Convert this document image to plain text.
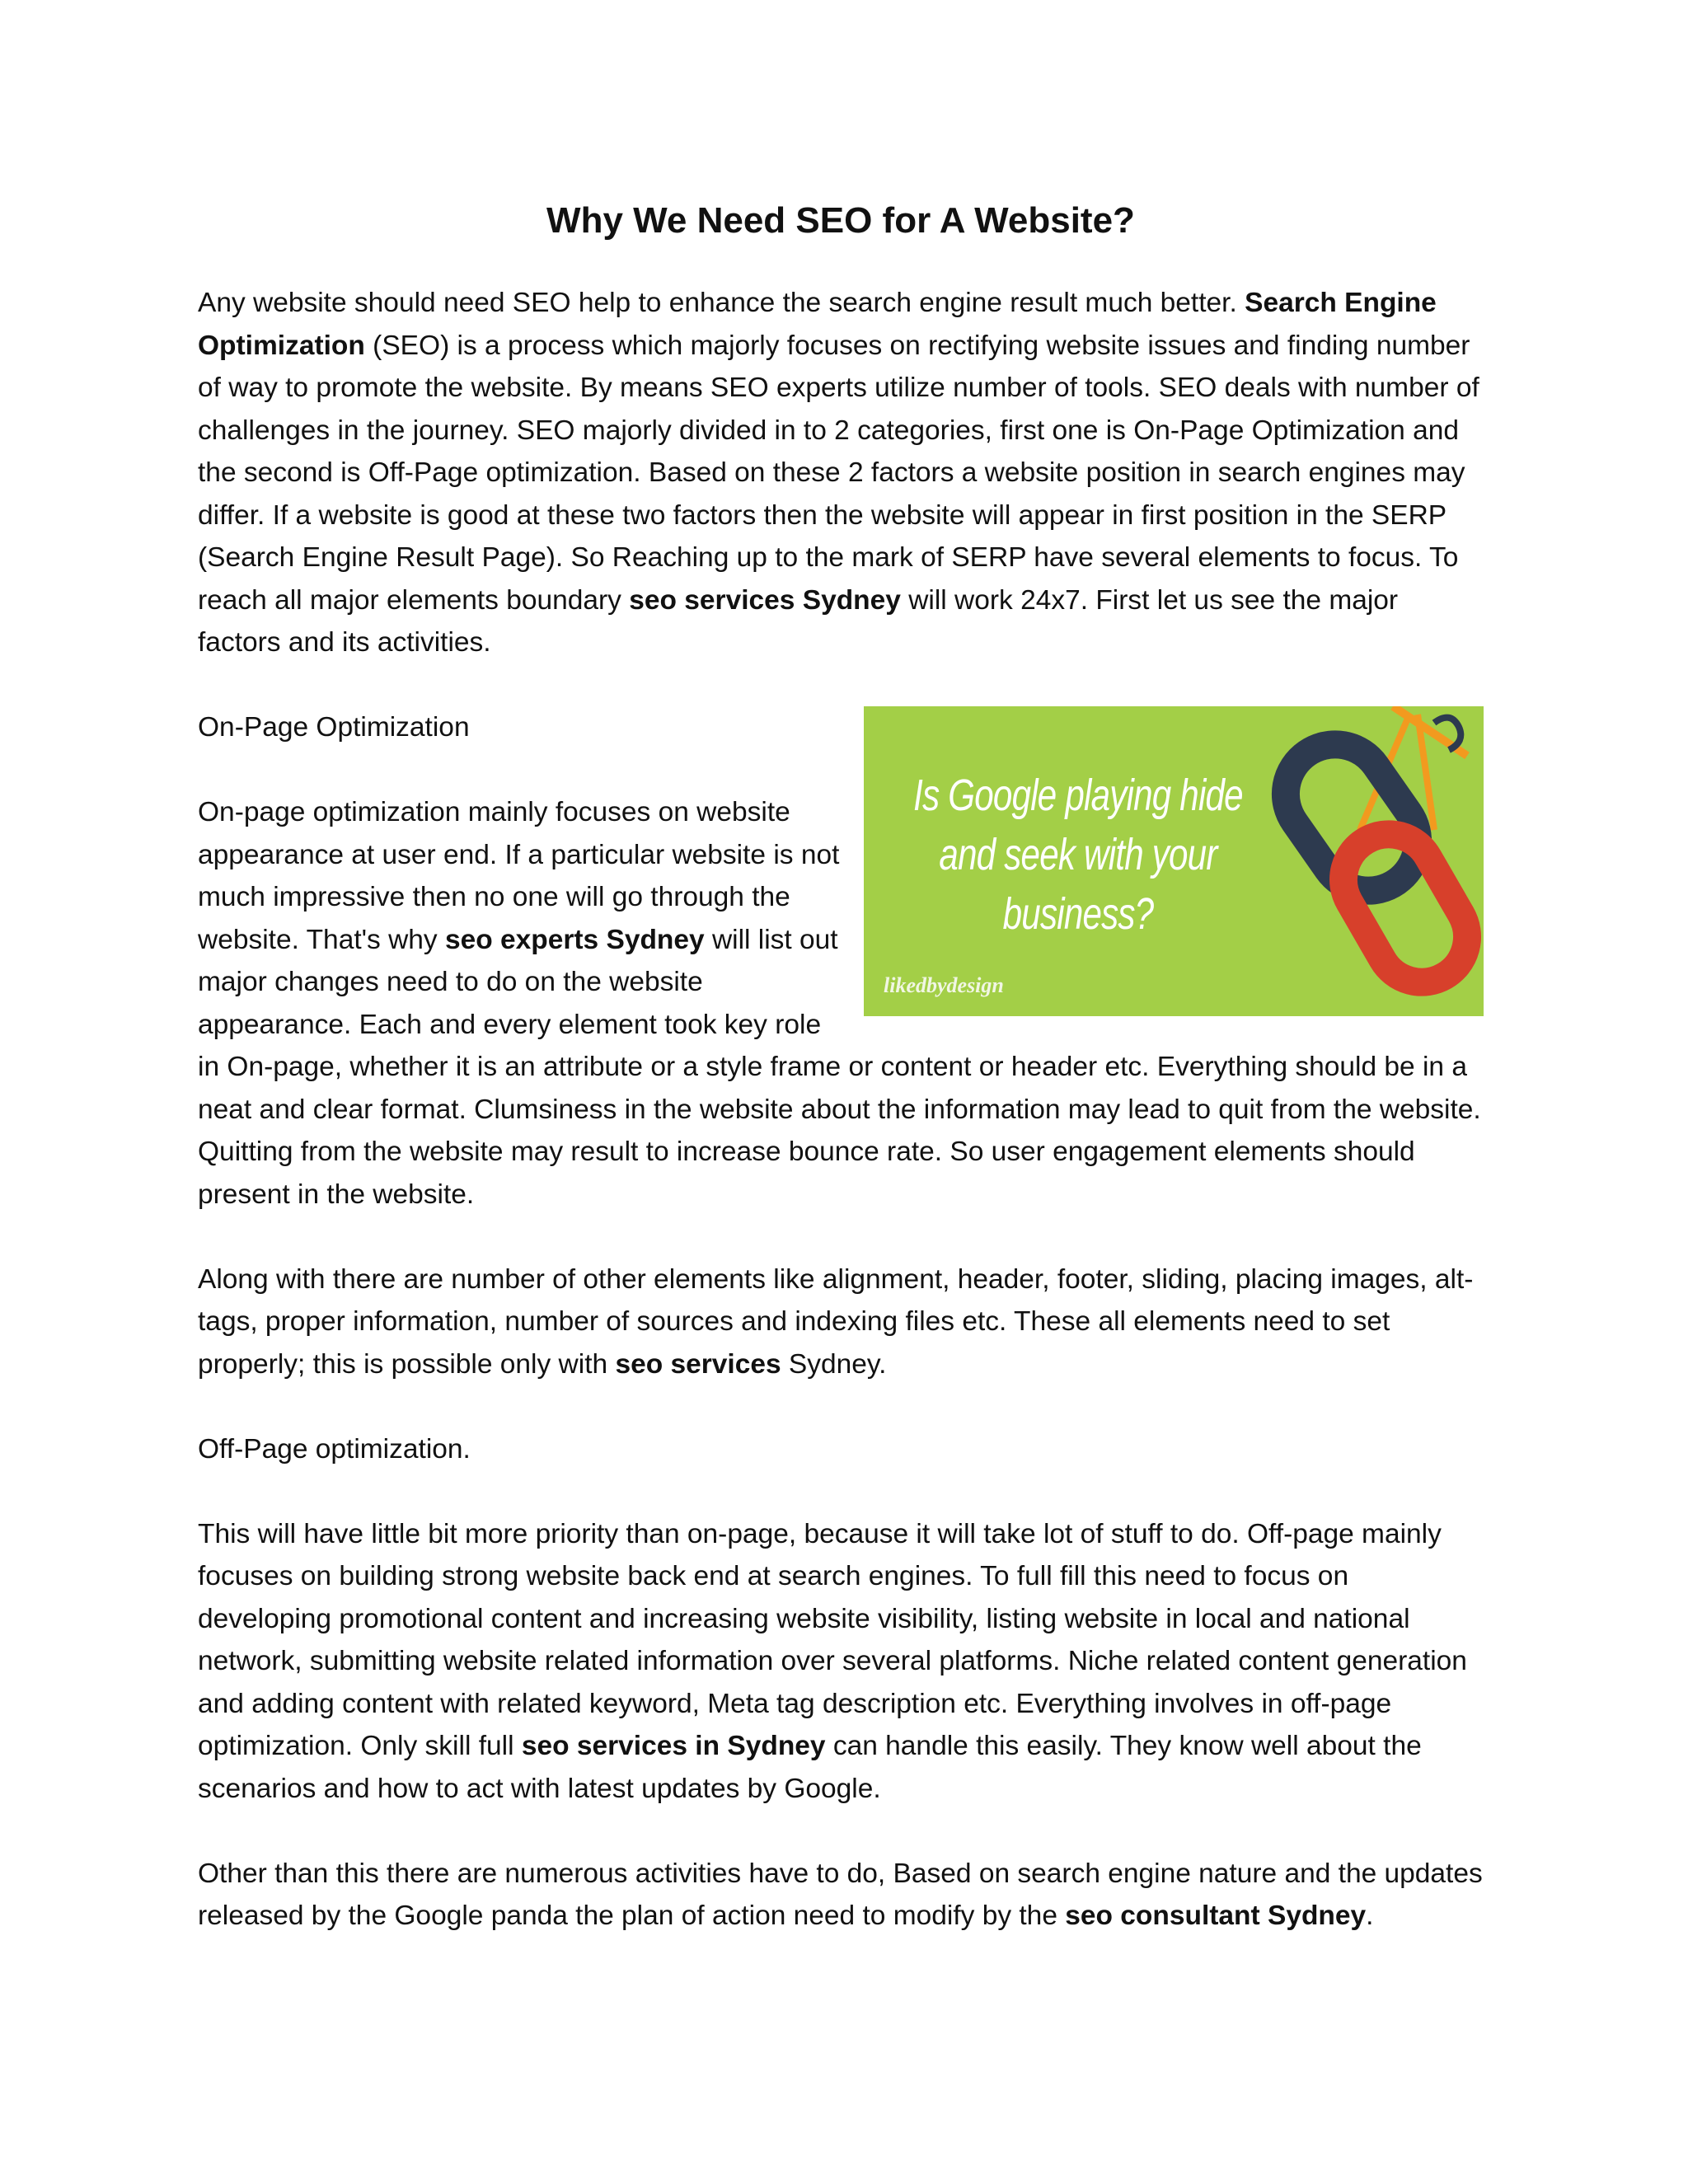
Why We Need SEO for A Website?

Any website should need SEO help to enhance the search engine result much better. Search Engine Optimization (SEO) is a process which majorly focuses on rectifying website issues and finding number of way to promote the website. By means SEO experts utilize number of tools. SEO deals with number of challenges in the journey. SEO majorly divided in to 2 categories, first one is On-Page Optimization and the second is Off-Page optimization. Based on these 2 factors a website position in search engines may differ. If a website is good at these two factors then the website will appear in first position in the SERP (Search Engine Result Page). So Reaching up to the mark of SERP have several elements to focus. To reach all major elements boundary seo services Sydney will work 24x7. First let us see the major factors and its activities.

Is Google playing hide
and seek with your
business?
likedbydesign

On-Page Optimization

On-page optimization mainly focuses on website appearance at user end. If a particular website is not much impressive then no one will go through the website. That's why seo experts Sydney will list out major changes need to do on the website appearance. Each and every element took key role in On-page, whether it is an attribute or a style frame or content or header etc. Everything should be in a neat and clear format. Clumsiness in the website about the information may lead to quit from the website. Quitting from the website may result to increase bounce rate. So user engagement elements should present in the website.

Along with there are number of other elements like alignment, header, footer, sliding, placing images, alt-tags, proper information, number of sources and indexing files etc. These all elements need to set properly; this is possible only with seo services Sydney.

Off-Page optimization.

This will have little bit more priority than on-page, because it will take lot of stuff to do. Off-page mainly focuses on building strong website back end at search engines. To full fill this need to focus on developing promotional content and increasing website visibility, listing website in local and national network, submitting website related information over several platforms. Niche related content generation and adding content with related keyword, Meta tag description etc. Everything involves in off-page optimization. Only skill full seo services in Sydney can handle this easily. They know well about the scenarios and how to act with latest updates by Google.

Other than this there are numerous activities have to do, Based on search engine nature and the updates released by the Google panda the plan of action need to modify by the seo consultant Sydney.
